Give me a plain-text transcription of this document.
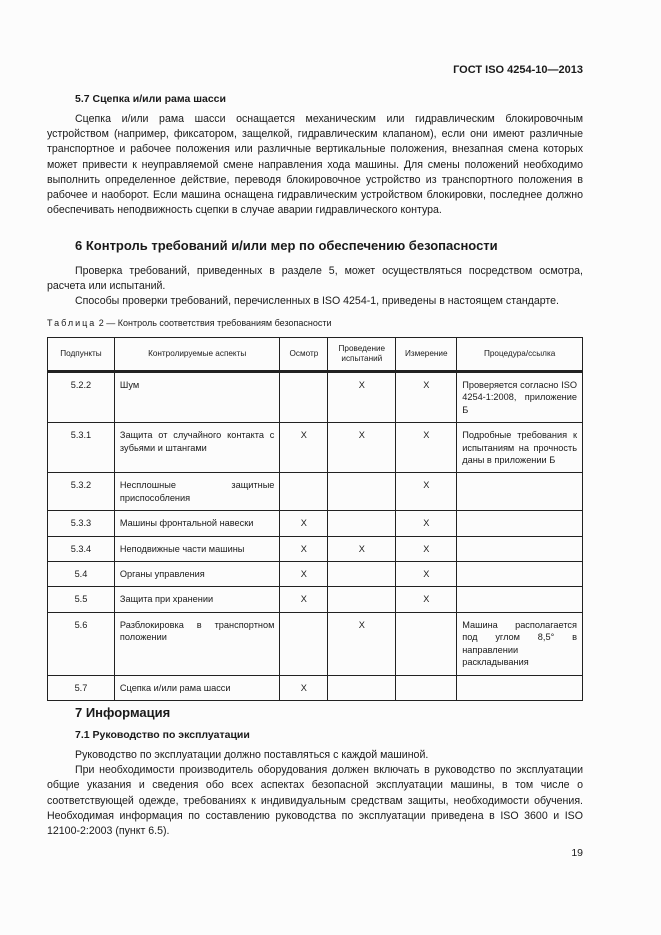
ГОСТ ISO 4254-10—2013
5.7 Сцепка и/или рама шасси

Сцепка и/или рама шасси оснащается механическим или гидравлическим блокировочным устройством (например, фиксатором, защелкой, гидравлическим клапаном), если они имеют различные транспортное и рабочее положения или различные вертикальные положения, внезапная смена которых может привести к неуправляемой смене направления хода машины. Для смены положений необходимо выполнить определенное действие, переводя блокировочное устройство из транспортного положения в рабочее и наоборот. Если машина оснащена гидравлическим устройством блокировки, последнее должно обеспечивать неподвижность сцепки в случае аварии гидравлического контура.

6 Контроль требований и/или мер по обеспечению безопасности

Проверка требований, приведенных в разделе 5, может осуществляться посредством осмотра, расчета или испытаний.

Способы проверки требований, перечисленных в ISO 4254-1, приведены в настоящем стандарте.

Таблица 2 — Контроль соответствия требованиям безопасности
Подпункты	Контролируемые аспекты	Осмотр	Проведение испытаний	Измерение	Процедура/ссылка
5.2.2	Шум		X	X	Проверяется согласно ISO 4254-1:2008, приложение Б
5.3.1	Защита от случайного контакта с зубьями и штангами	X	X	X	Подробные требования к испытаниям на прочность даны в приложении Б
5.3.2	Несплошные защитные приспособления			X	
5.3.3	Машины фронтальной навески	X		X	
5.3.4	Неподвижные части машины	X	X	X	
5.4	Органы управления	X		X	
5.5	Защита при хранении	X		X	
5.6	Разблокировка в транспортном положении		X		Машина располагается под углом 8,5° в направлении раскладывания
5.7	Сцепка и/или рама шасси	X			
7 Информация
7.1 Руководство по эксплуатации

Руководство по эксплуатации должно поставляться с каждой машиной.

При необходимости производитель оборудования должен включать в руководство по эксплуатации общие указания и сведения обо всех аспектах безопасной эксплуатации машины, в том числе о соответствующей одежде, требованиях к индивидуальным средствам защиты, необходимости обучения. Необходимая информация по составлению руководства по эксплуатации приведена в ISO 3600 и ISO 12100-2:2003 (пункт 6.5).

19
